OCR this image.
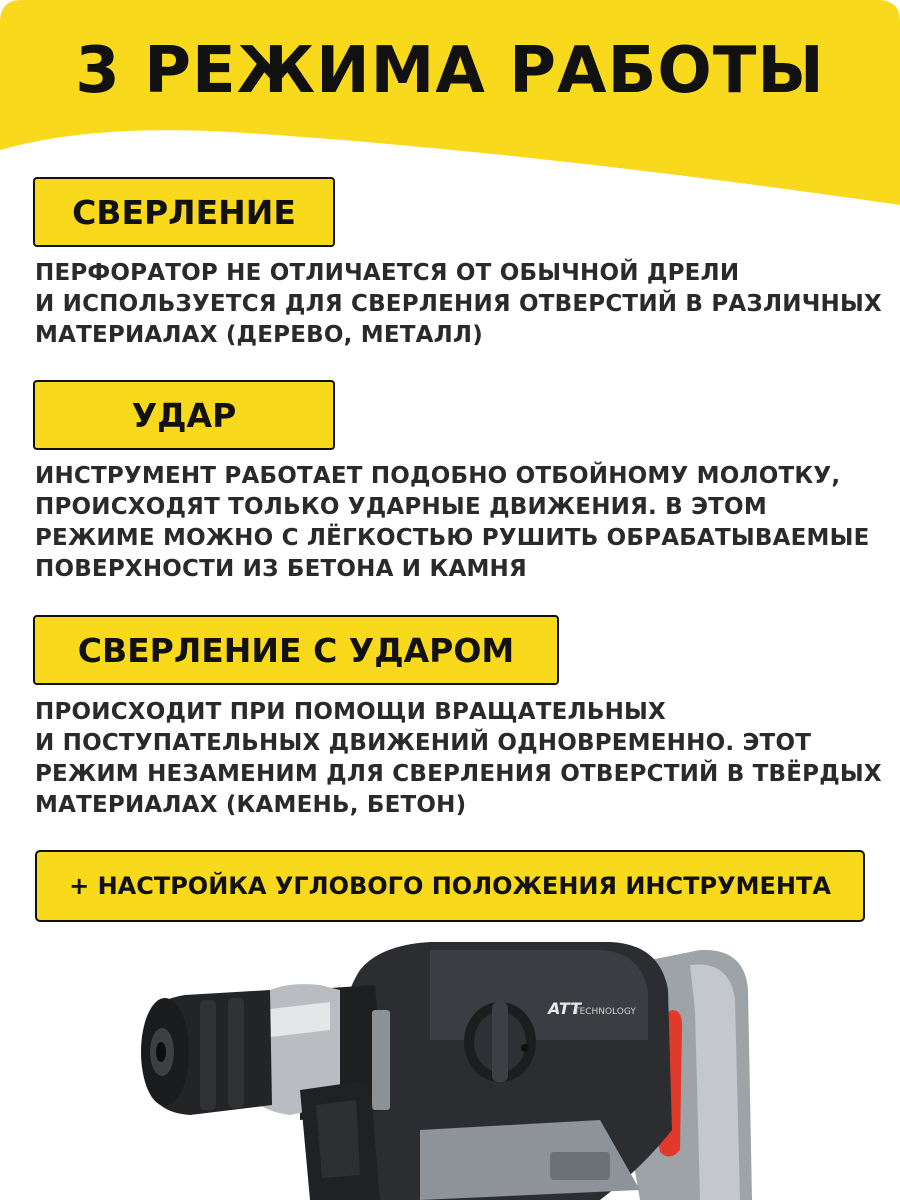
3 РЕЖИМА РАБОТЫ
СВЕРЛЕНИЕ
ПЕРФОРАТОР НЕ ОТЛИЧАЕТСЯ ОТ ОБЫЧНОЙ ДРЕЛИ
И ИСПОЛЬЗУЕТСЯ ДЛЯ СВЕРЛЕНИЯ ОТВЕРСТИЙ В РАЗЛИЧНЫХ
МАТЕРИАЛАХ (ДЕРЕВО, МЕТАЛЛ)
УДАР
ИНСТРУМЕНТ РАБОТАЕТ ПОДОБНО ОТБОЙНОМУ МОЛОТКУ,
ПРОИСХОДЯТ ТОЛЬКО УДАРНЫЕ ДВИЖЕНИЯ. В ЭТОМ
РЕЖИМЕ МОЖНО С ЛЁГКОСТЬЮ РУШИТЬ ОБРАБАТЫВАЕМЫЕ
ПОВЕРХНОСТИ ИЗ БЕТОНА И КАМНЯ
СВЕРЛЕНИЕ С УДАРОМ
ПРОИСХОДИТ ПРИ ПОМОЩИ ВРАЩАТЕЛЬНЫХ
И ПОСТУПАТЕЛЬНЫХ ДВИЖЕНИЙ ОДНОВРЕМЕННО. ЭТОТ
РЕЖИМ НЕЗАМЕНИМ ДЛЯ СВЕРЛЕНИЯ ОТВЕРСТИЙ В ТВЁРДЫХ
МАТЕРИАЛАХ (КАМЕНЬ, БЕТОН)
+ НАСТРОЙКА УГЛОВОГО ПОЛОЖЕНИЯ ИНСТРУМЕНТА
ATT
TECHNOLOGY
